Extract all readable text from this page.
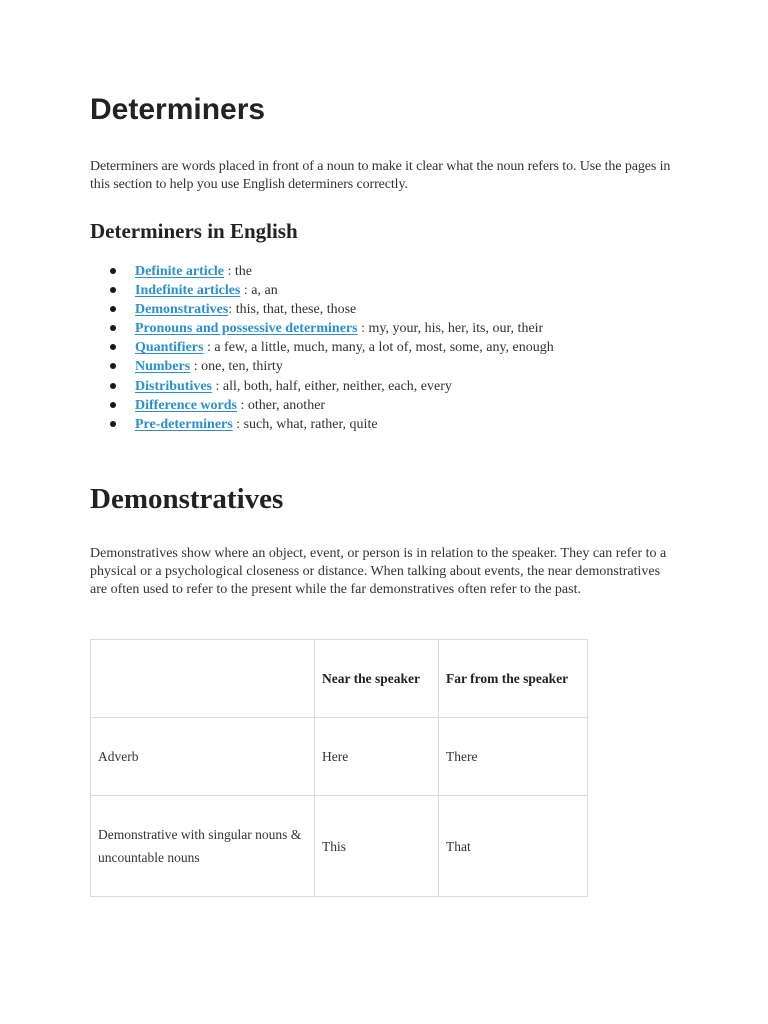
Determiners

Determiners are words placed in front of a noun to make it clear what the noun refers to. Use the pages in this section to help you use English determiners correctly.

Determiners in English
Definite article : the
Indefinite articles : a, an
Demonstratives: this, that, these, those
Pronouns and possessive determiners : my, your, his, her, its, our, their
Quantifiers : a few, a little, much, many, a lot of, most, some, any, enough
Numbers : one, ten, thirty
Distributives : all, both, half, either, neither, each, every
Difference words : other, another
Pre-determiners : such, what, rather, quite
Demonstratives

Demonstratives show where an object, event, or person is in relation to the speaker. They can refer to a physical or a psychological closeness or distance. When talking about events, the near demonstratives are often used to refer to the present while the far demonstratives often refer to the past.

	Near the speaker	Far from the speaker
Adverb	Here	There
Demonstrative with singular nouns & uncountable nouns	This	That
